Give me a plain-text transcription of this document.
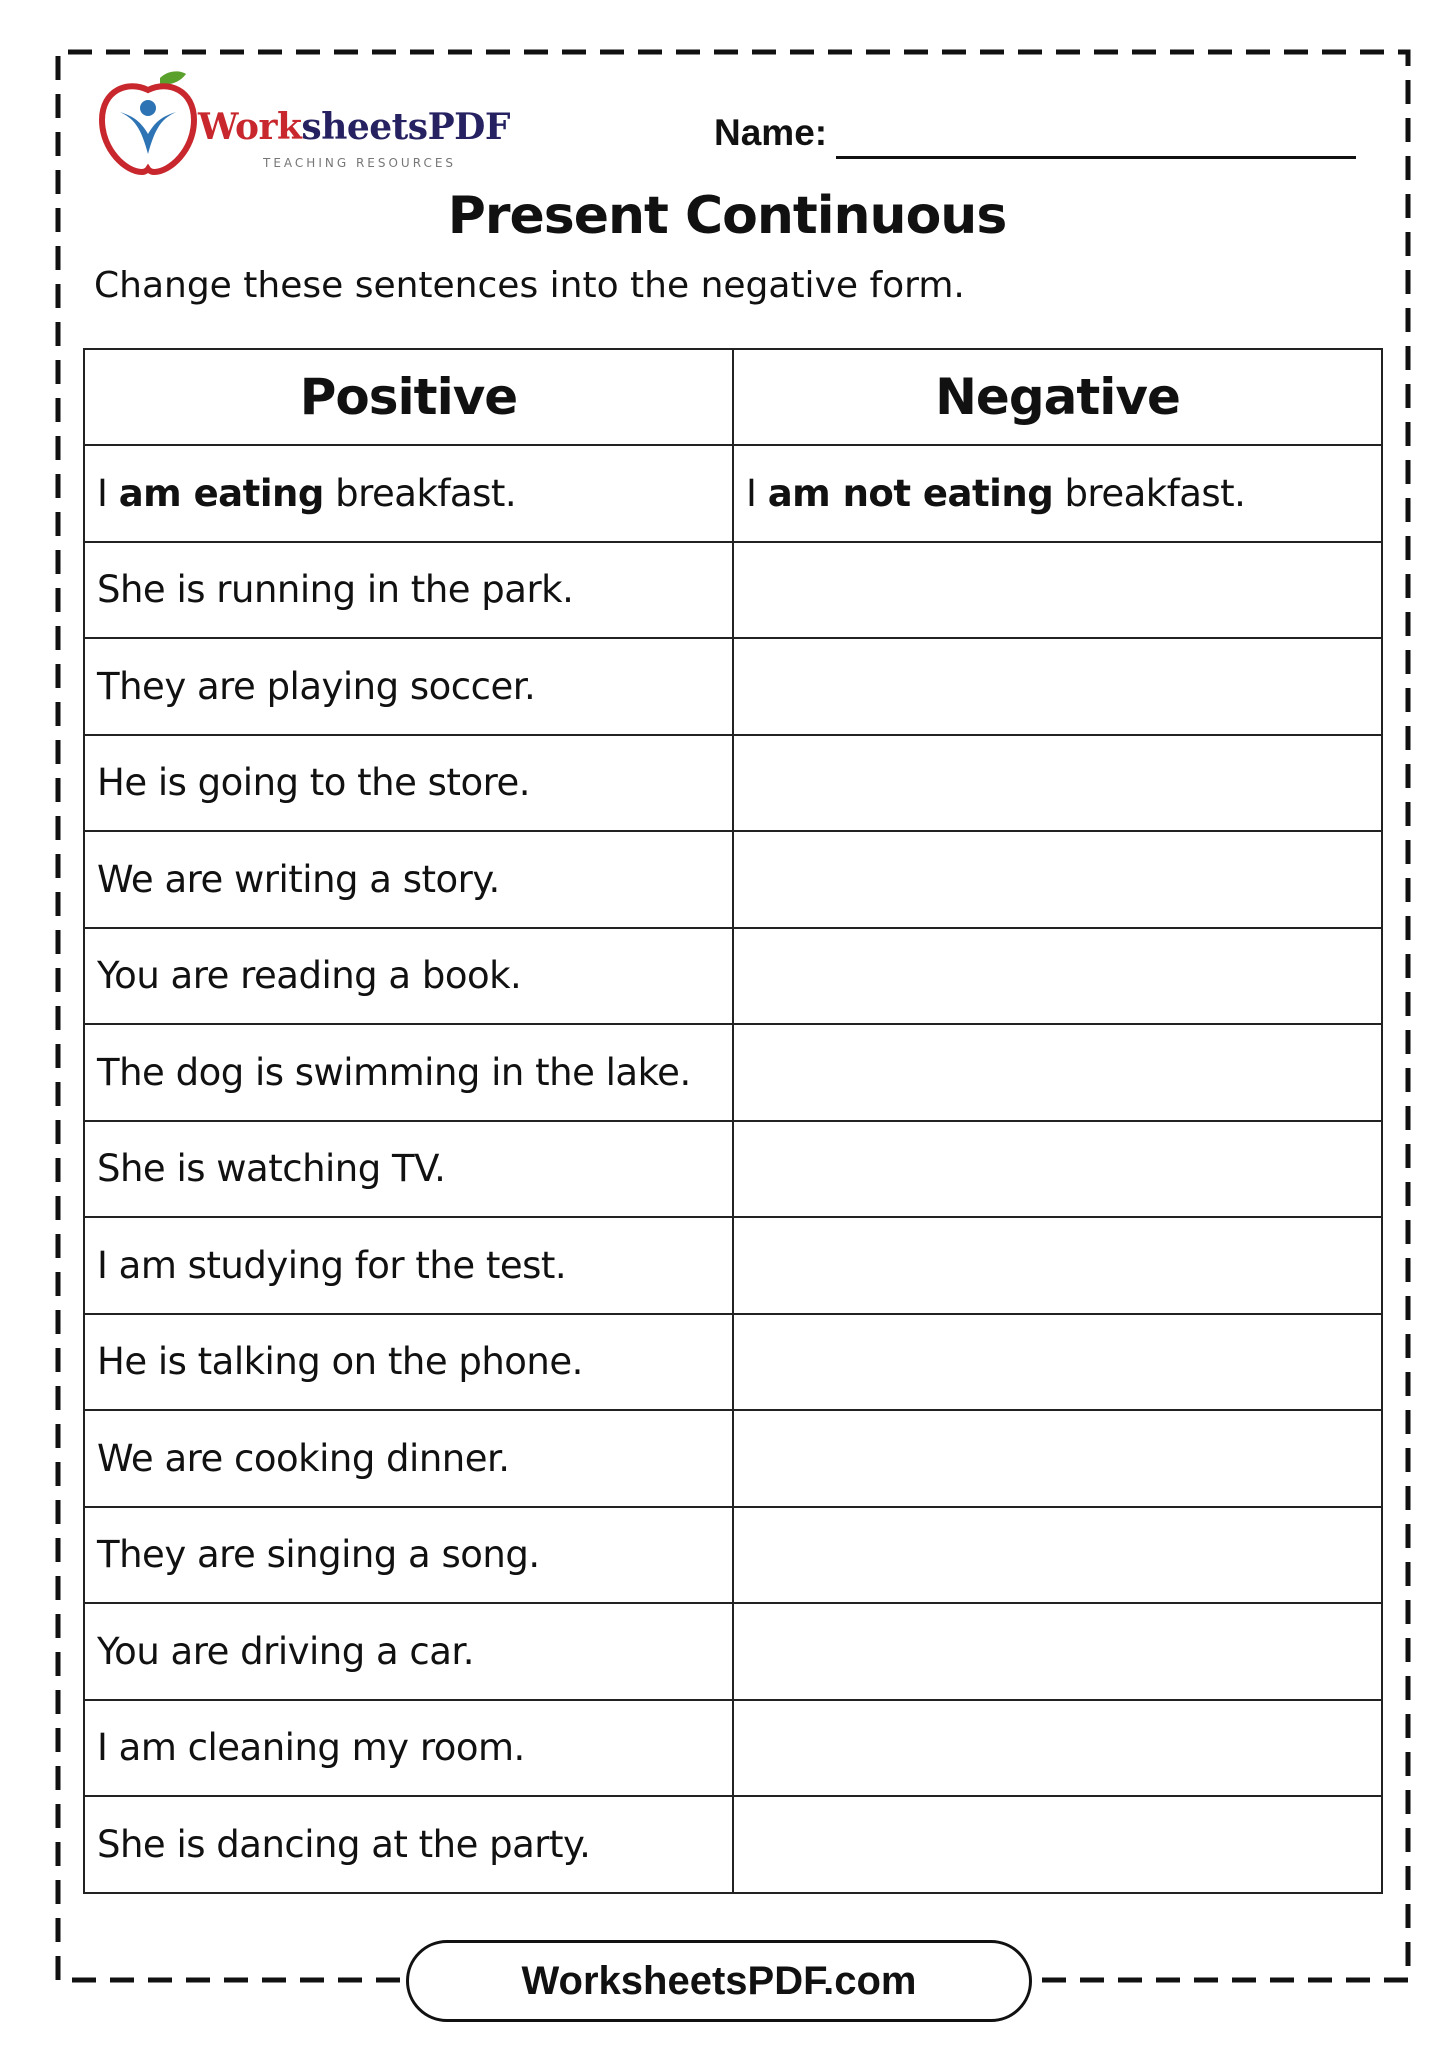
WorksheetsPDF
TEACHING RESOURCES
Name:
Present Continuous
Change these sentences into the negative form.
Positive	Negative
I am eating breakfast.	I am not eating breakfast.
She is running in the park.	
They are playing soccer.	
He is going to the store.	
We are writing a story.	
You are reading a book.	
The dog is swimming in the lake.	
She is watching TV.	
I am studying for the test.	
He is talking on the phone.	
We are cooking dinner.	
They are singing a song.	
You are driving a car.	
I am cleaning my room.	
She is dancing at the party.	
WorksheetsPDF.com
